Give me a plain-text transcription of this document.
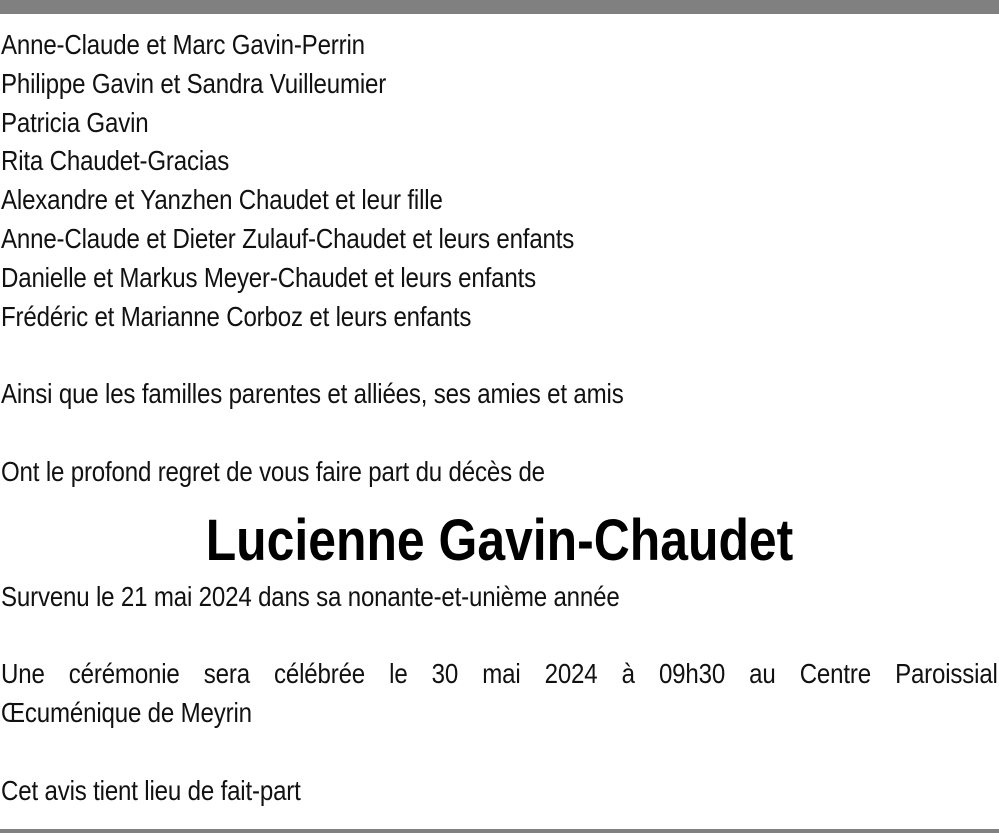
Anne-Claude et Marc Gavin-Perrin
Philippe Gavin et Sandra Vuilleumier
Patricia Gavin
Rita Chaudet-Gracias
Alexandre et Yanzhen Chaudet et leur fille
Anne-Claude et Dieter Zulauf-Chaudet et leurs enfants
Danielle et Markus Meyer-Chaudet et leurs enfants
Frédéric et Marianne Corboz et leurs enfants
Ainsi que les familles parentes et alliées, ses amies et amis
Ont le profond regret de vous faire part du décès de
Lucienne Gavin-Chaudet
Survenu le 21 mai 2024 dans sa nonante-et-unième année
Une cérémonie sera célébrée le 30 mai 2024 à 09h30 au Centre Paroissial
Œcuménique de Meyrin
Cet avis tient lieu de fait-part
